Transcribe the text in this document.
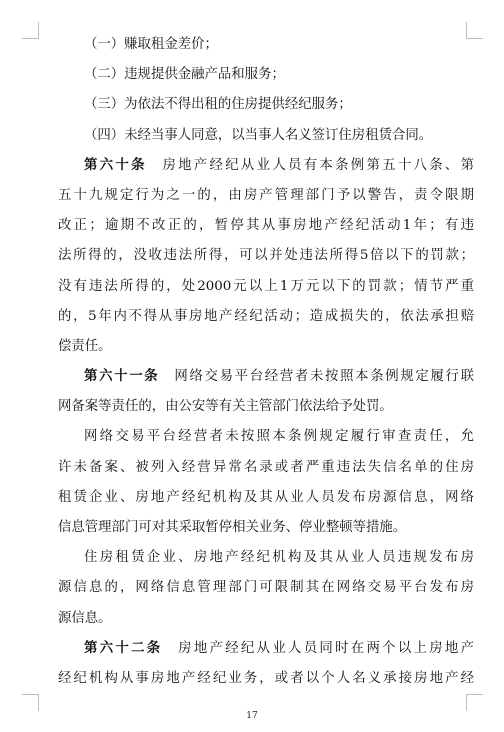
（一）赚取租金差价；
（二）违规提供金融产品和服务；
（三）为依法不得出租的住房提供经纪服务；
（四）未经当事人同意，以当事人名义签订住房租赁合同。
第六十条  房地产经纪从业人员有本条例第五十八条、第
五十九规定行为之一的，由房产管理部门予以警告，责令限期
改正；逾期不改正的，暂停其从事房地产经纪活动1年；有违
法所得的，没收违法所得，可以并处违法所得5倍以下的罚款；
没有违法所得的，处2000元以上1万元以下的罚款；情节严重
的，5年内不得从事房地产经纪活动；造成损失的，依法承担赔
偿责任。
第六十一条  网络交易平台经营者未按照本条例规定履行联
网备案等责任的，由公安等有关主管部门依法给予处罚。
网络交易平台经营者未按照本条例规定履行审查责任，允
许未备案、被列入经营异常名录或者严重违法失信名单的住房
租赁企业、房地产经纪机构及其从业人员发布房源信息，网络
信息管理部门可对其采取暂停相关业务、停业整顿等措施。
住房租赁企业、房地产经纪机构及其从业人员违规发布房
源信息的，网络信息管理部门可限制其在网络交易平台发布房
源信息。
第六十二条  房地产经纪从业人员同时在两个以上房地产
经纪机构从事房地产经纪业务，或者以个人名义承接房地产经
17
